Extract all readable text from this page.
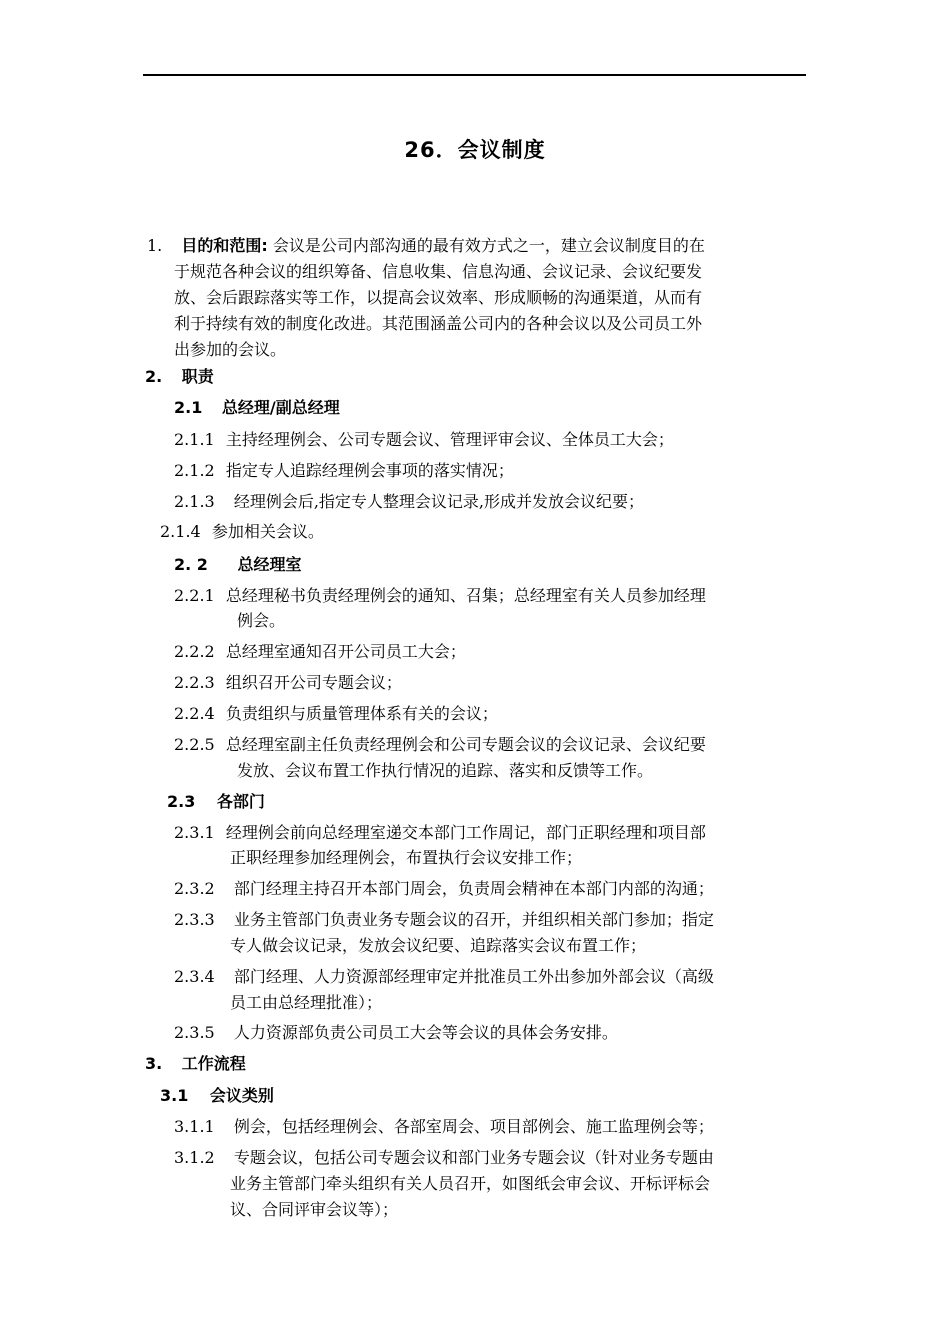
26．会议制度
1. 目的和范围: 会议是公司内部沟通的最有效方式之一，建立会议制度目的在
于规范各种会议的组织筹备、信息收集、信息沟通、会议记录、会议纪要发
放、会后跟踪落实等工作，以提高会议效率、形成顺畅的沟通渠道，从而有
利于持续有效的制度化改进。其范围涵盖公司内的各种会议以及公司员工外
出参加的会议。
2. 职责
2.1 总经理/副总经理
2.1.1 主持经理例会、公司专题会议、管理评审会议、全体员工大会；
2.1.2 指定专人追踪经理例会事项的落实情况；
2.1.3 经理例会后,指定专人整理会议记录,形成并发放会议纪要；
2.1.4 参加相关会议。
2. 2 总经理室
2.2.1 总经理秘书负责经理例会的通知、召集；总经理室有关人员参加经理
例会。
2.2.2 总经理室通知召开公司员工大会；
2.2.3 组织召开公司专题会议；
2.2.4 负责组织与质量管理体系有关的会议；
2.2.5 总经理室副主任负责经理例会和公司专题会议的会议记录、会议纪要
发放、会议布置工作执行情况的追踪、落实和反馈等工作。
2.3 各部门
2.3.1 经理例会前向总经理室递交本部门工作周记，部门正职经理和项目部
正职经理参加经理例会，布置执行会议安排工作；
2.3.2 部门经理主持召开本部门周会，负责周会精神在本部门内部的沟通；
2.3.3 业务主管部门负责业务专题会议的召开，并组织相关部门参加；指定
专人做会议记录，发放会议纪要、追踪落实会议布置工作；
2.3.4 部门经理、人力资源部经理审定并批准员工外出参加外部会议（高级
员工由总经理批准）；
2.3.5 人力资源部负责公司员工大会等会议的具体会务安排。
3. 工作流程
3.1 会议类别
3.1.1 例会，包括经理例会、各部室周会、项目部例会、施工监理例会等；
3.1.2 专题会议，包括公司专题会议和部门业务专题会议（针对业务专题由
业务主管部门牵头组织有关人员召开，如图纸会审会议、开标评标会
议、合同评审会议等）；
